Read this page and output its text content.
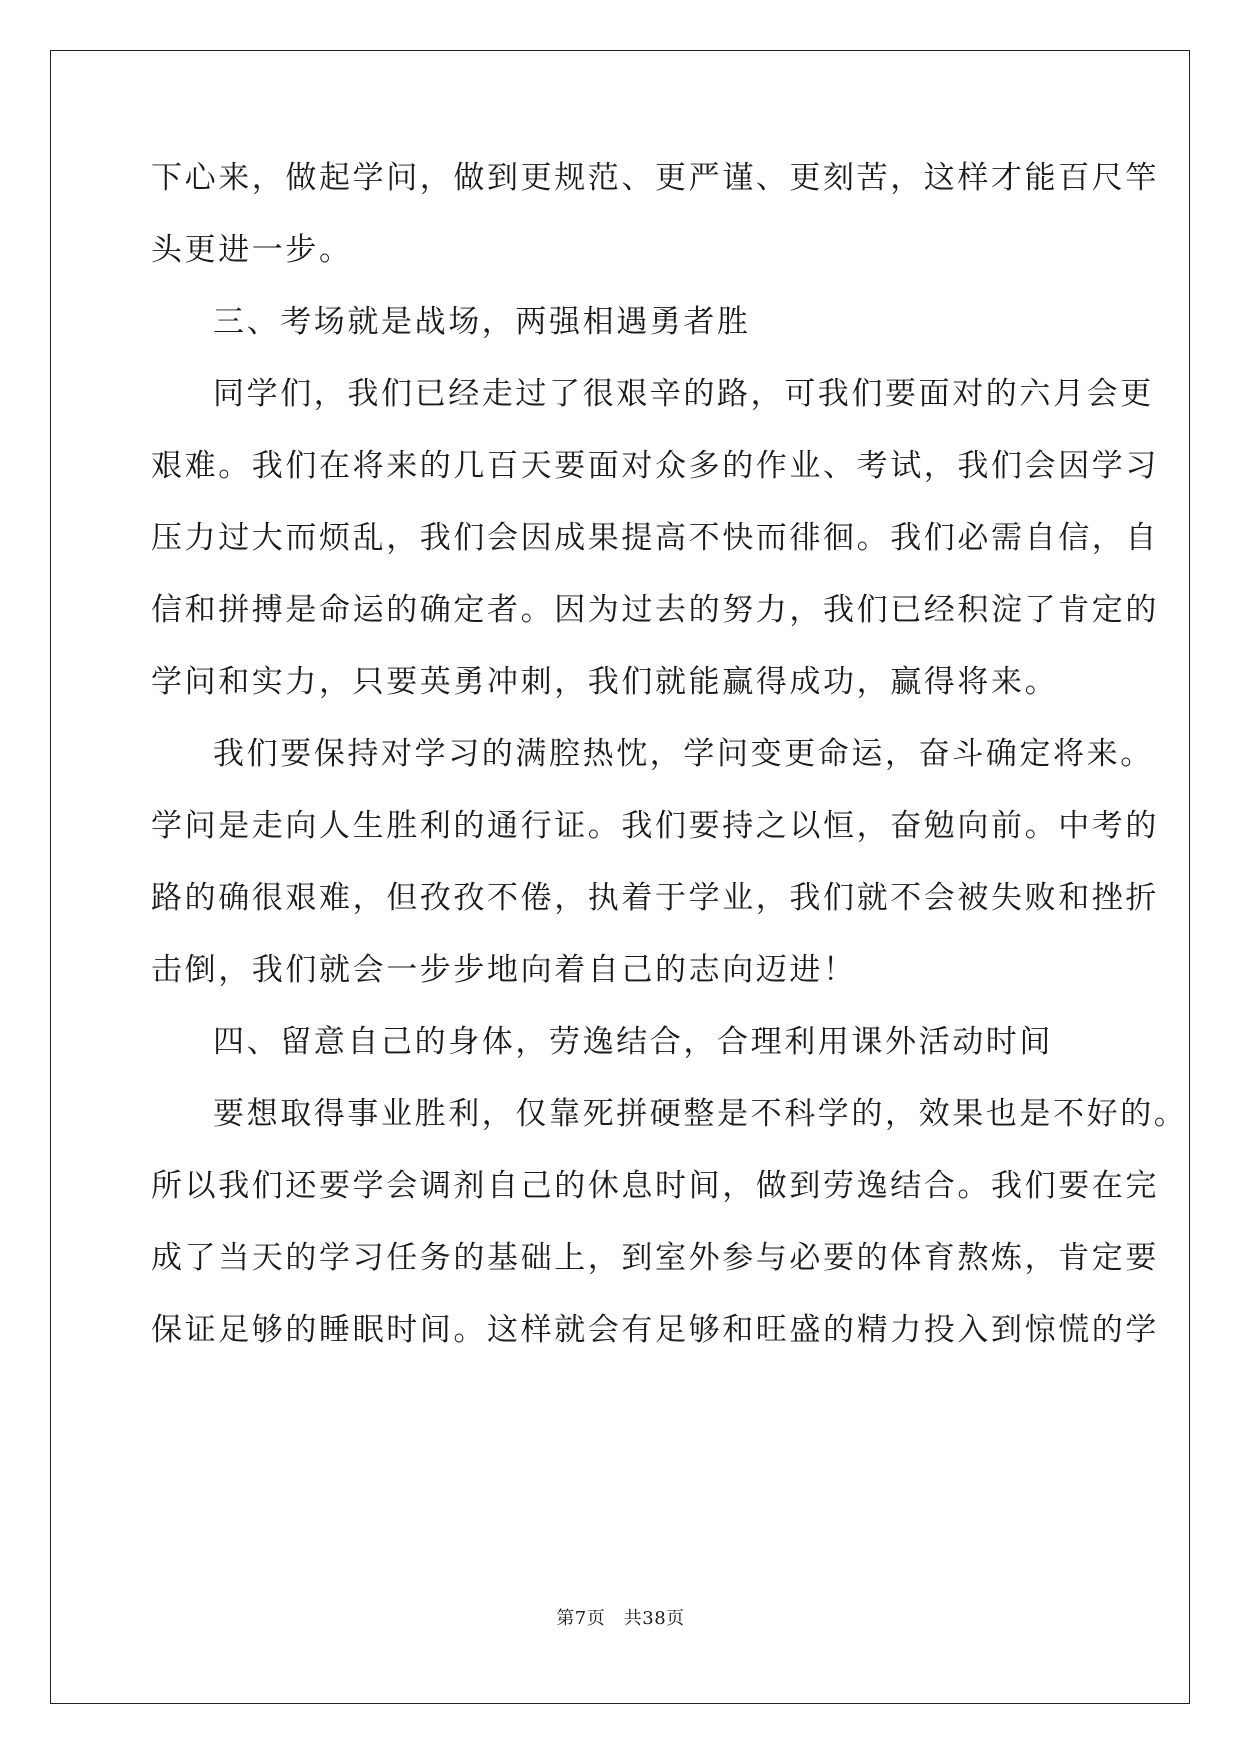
下心来，做起学问，做到更规范、更严谨、更刻苦，这样才能百尺竿
头更进一步。
三、考场就是战场，两强相遇勇者胜
同学们，我们已经走过了很艰辛的路，可我们要面对的六月会更
艰难。我们在将来的几百天要面对众多的作业、考试，我们会因学习
压力过大而烦乱，我们会因成果提高不快而徘徊。我们必需自信，自
信和拼搏是命运的确定者。因为过去的努力，我们已经积淀了肯定的
学问和实力，只要英勇冲刺，我们就能赢得成功，赢得将来。
我们要保持对学习的满腔热忱，学问变更命运，奋斗确定将来。
学问是走向人生胜利的通行证。我们要持之以恒，奋勉向前。中考的
路的确很艰难，但孜孜不倦，执着于学业，我们就不会被失败和挫折
击倒，我们就会一步步地向着自己的志向迈进！
四、留意自己的身体，劳逸结合，合理利用课外活动时间
要想取得事业胜利，仅靠死拼硬整是不科学的，效果也是不好的。
所以我们还要学会调剂自己的休息时间，做到劳逸结合。我们要在完
成了当天的学习任务的基础上，到室外参与必要的体育熬炼，肯定要
保证足够的睡眠时间。这样就会有足够和旺盛的精力投入到惊慌的学
第7页　共38页
